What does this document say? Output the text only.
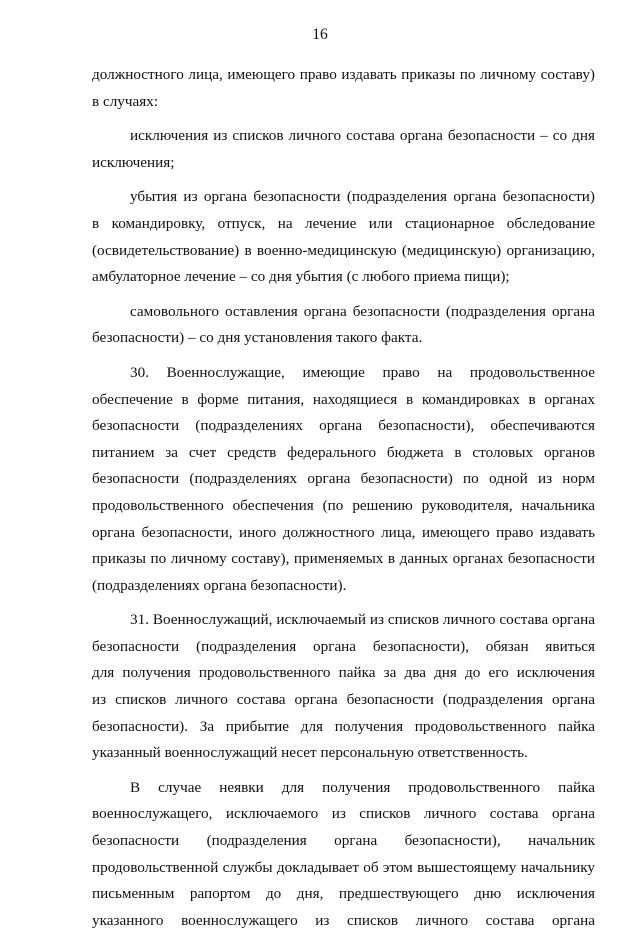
16
должностного лица, имеющего право издавать приказы по личному составу)
в случаях:
исключения из списков личного состава органа безопасности – со дня
исключения;
убытия из органа безопасности (подразделения органа безопасности)
в командировку, отпуск, на лечение или стационарное обследование
(освидетельствование) в военно-медицинскую (медицинскую) организацию,
амбулаторное лечение – со дня убытия (с любого приема пищи);
самовольного оставления органа безопасности (подразделения органа
безопасности) – со дня установления такого факта.
30. Военнослужащие, имеющие право на продовольственное
обеспечение в форме питания, находящиеся в командировках в органах
безопасности (подразделениях органа безопасности), обеспечиваются
питанием за счет средств федерального бюджета в столовых органов
безопасности (подразделениях органа безопасности) по одной из норм
продовольственного обеспечения (по решению руководителя, начальника
органа безопасности, иного должностного лица, имеющего право издавать
приказы по личному составу), применяемых в данных органах безопасности
(подразделениях органа безопасности).
31. Военнослужащий, исключаемый из списков личного состава органа
безопасности (подразделения органа безопасности), обязан явиться
для получения продовольственного пайка за два дня до его исключения
из списков личного состава органа безопасности (подразделения органа
безопасности). За прибытие для получения продовольственного пайка
указанный военнослужащий несет персональную ответственность.
В случае неявки для получения продовольственного пайка
военнослужащего, исключаемого из списков личного состава органа
безопасности (подразделения органа безопасности), начальник
продовольственной службы докладывает об этом вышестоящему начальнику
письменным рапортом до дня, предшествующего дню исключения
указанного военнослужащего из списков личного состава органа
